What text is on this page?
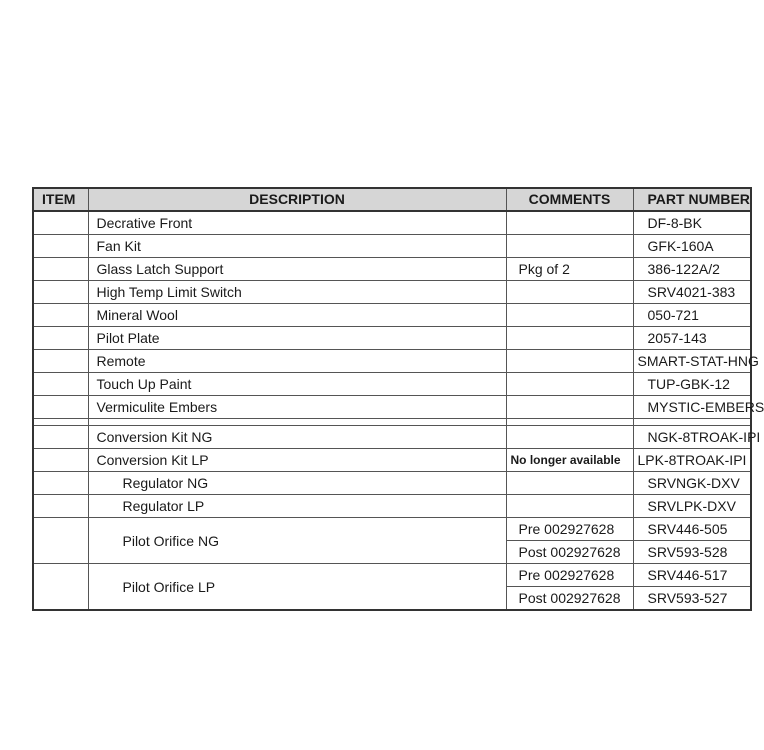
ITEM	DESCRIPTION	COMMENTS	PART NUMBER
	Decrative Front		DF-8-BK
	Fan Kit		GFK-160A
	Glass Latch Support	Pkg of 2	386-122A/2
	High Temp Limit Switch		SRV4021-383
	Mineral Wool		050-721
	Pilot Plate		2057-143
	Remote		SMART-STAT-HNG
	Touch Up Paint		TUP-GBK-12
	Vermiculite Embers		MYSTIC-EMBERS

	Conversion Kit NG		NGK-8TROAK-IPI
	Conversion Kit LP	No longer available	LPK-8TROAK-IPI
	Regulator NG		SRVNGK-DXV
	Regulator LP		SRVLPK-DXV
	Pilot Orifice NG	Pre 002927628	SRV446-505
		Post 002927628	SRV593-528
	Pilot Orifice LP	Pre 002927628	SRV446-517
		Post 002927628	SRV593-527
